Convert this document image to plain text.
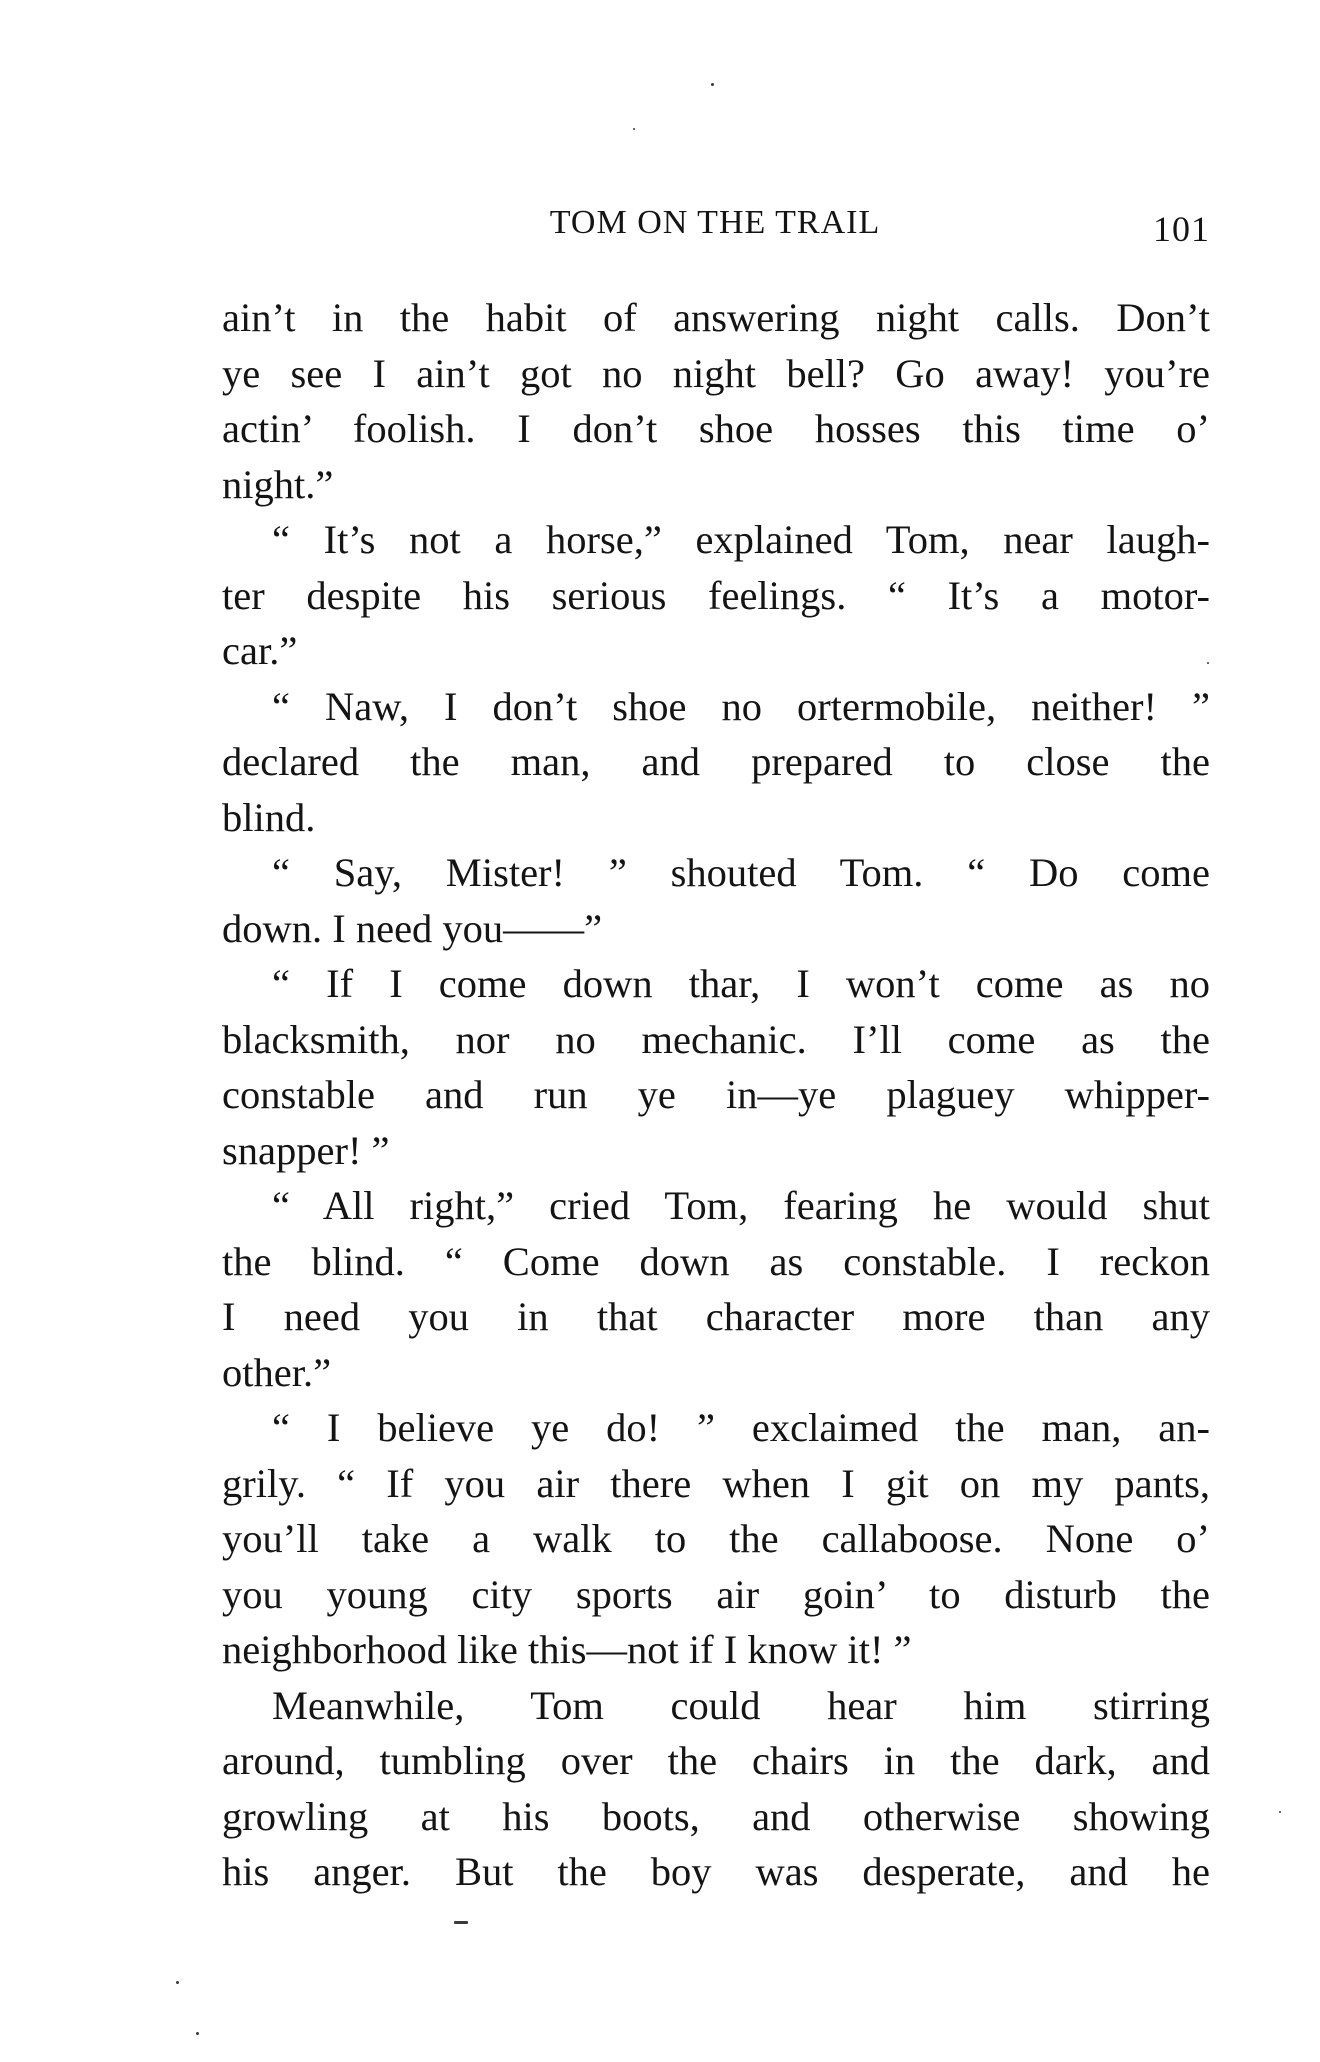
TOM ON THE TRAIL	101
ain’t in the habit of answering night calls. Don’t
ye see I ain’t got no night bell? Go away! you’re
actin’ foolish. I don’t shoe hosses this time o’
night.”
“ It’s not a horse,” explained Tom, near laugh-
ter despite his serious feelings. “ It’s a motor-
car.”
“ Naw, I don’t shoe no ortermobile, neither! ”
declared the man, and prepared to close the
blind.
“ Say, Mister! ” shouted Tom. “ Do come
down. I need you——”
“ If I come down thar, I won’t come as no
blacksmith, nor no mechanic. I’ll come as the
constable and run ye in—ye plaguey whipper-
snapper! ”
“ All right,” cried Tom, fearing he would shut
the blind. “ Come down as constable. I reckon
I need you in that character more than any
other.”
“ I believe ye do! ” exclaimed the man, an-
grily. “ If you air there when I git on my pants,
you’ll take a walk to the callaboose. None o’
you young city sports air goin’ to disturb the
neighborhood like this—not if I know it! ”
Meanwhile, Tom could hear him stirring
around, tumbling over the chairs in the dark, and
growling at his boots, and otherwise showing
his anger. But the boy was desperate, and he
